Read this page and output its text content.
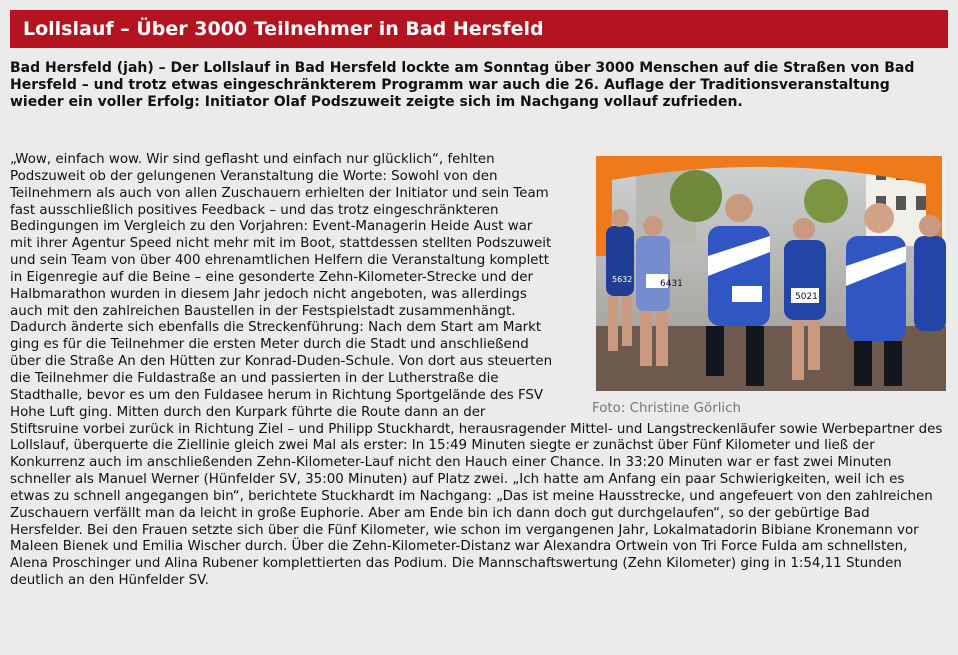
Lollslauf – Über 3000 Teilnehmer in Bad Hersfeld

Bad Hersfeld (jah) – Der Lollslauf in Bad Hersfeld lockte am Sonntag über 3000 Menschen auf die Straßen von Bad Hersfeld – und trotz etwas eingeschränkterem Programm war auch die 26. Auflage der Traditionsveranstaltung wieder ein voller Erfolg: Initiator Olaf Podszuweit zeigte sich im Nachgang vollauf zufrieden.

6431
5632
5021
Foto: Christine Görlich

„Wow, einfach wow. Wir sind geflasht und einfach nur glücklich“, fehlten Podszuweit ob der gelungenen Veranstaltung die Worte: Sowohl von den Teilnehmern als auch von allen Zuschauern erhielten der Initiator und sein Team fast ausschließlich positives Feedback – und das trotz eingeschränkteren Bedingungen im Vergleich zu den Vorjahren: Event-Managerin Heide Aust war mit ihrer Agentur Speed nicht mehr mit im Boot, stattdessen stellten Podszuweit und sein Team von über 400 ehrenamtlichen Helfern die Veranstaltung komplett in Eigenregie auf die Beine – eine gesonderte Zehn-Kilometer-Strecke und der Halbmarathon wurden in diesem Jahr jedoch nicht angeboten, was allerdings auch mit den zahlreichen Baustellen in der Festspielstadt zusammenhängt. Dadurch änderte sich ebenfalls die Streckenführung: Nach dem Start am Markt ging es für die Teilnehmer die ersten Meter durch die Stadt und anschließend über die Straße An den Hütten zur Konrad-Duden-Schule. Von dort aus steuerten die Teilnehmer die Fuldastraße an und passierten in der Lutherstraße die Stadthalle, bevor es um den Fuldasee herum in Richtung Sportgelände des FSV Hohe Luft ging. Mitten durch den Kurpark führte die Route dann an der Stiftsruine vorbei zurück in Richtung Ziel – und Philipp Stuckhardt, herausragender Mittel- und Langstreckenläufer sowie Werbepartner des Lollslauf, überquerte die Ziellinie gleich zwei Mal als erster: In 15:49 Minuten siegte er zunächst über Fünf Kilometer und ließ der Konkurrenz auch im anschließenden Zehn-Kilometer-Lauf nicht den Hauch einer Chance. In 33:20 Minuten war er fast zwei Minuten schneller als Manuel Werner (Hünfelder SV, 35:00 Minuten) auf Platz zwei. „Ich hatte am Anfang ein paar Schwierigkeiten, weil ich es etwas zu schnell angegangen bin“, berichtete Stuckhardt im Nachgang: „Das ist meine Hausstrecke, und angefeuert von den zahlreichen Zuschauern verfällt man da leicht in große Euphorie. Aber am Ende bin ich dann doch gut durchgelaufen“, so der gebürtige Bad Hersfelder. Bei den Frauen setzte sich über die Fünf Kilometer, wie schon im vergangenen Jahr, Lokalmatadorin Bibiane Kronemann vor Maleen Bienek und Emilia Wischer durch. Über die Zehn-Kilometer-Distanz war Alexandra Ortwein von Tri Force Fulda am schnellsten, Alena Proschinger und Alina Rubener komplettierten das Podium. Die Mannschaftswertung (Zehn Kilometer) ging in 1:54,11 Stunden deutlich an den Hünfelder SV.
